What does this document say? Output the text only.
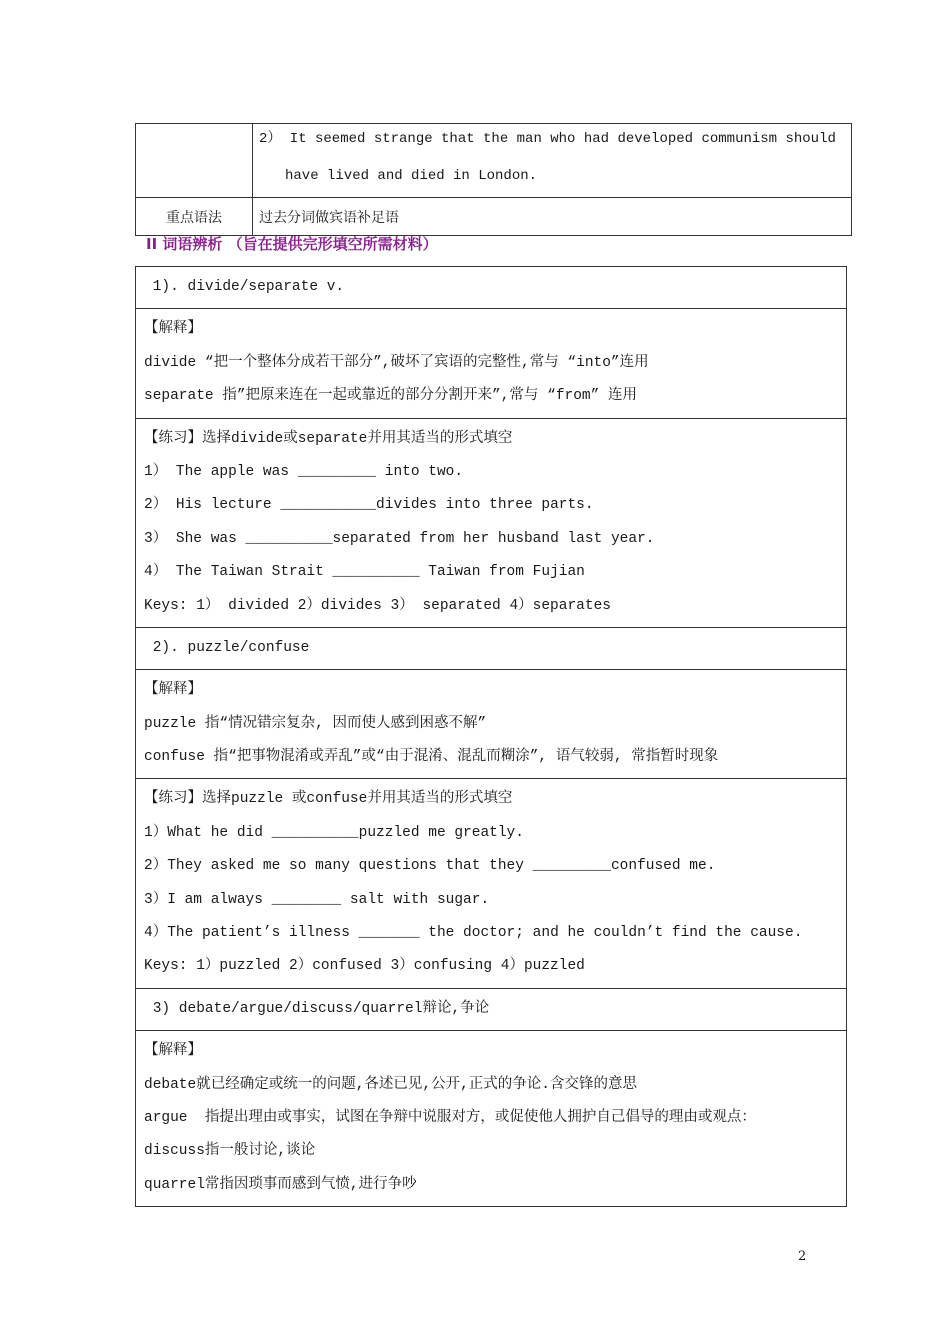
	2） It seemed strange that the man who had developed communism should
have lived and died in London.

重点语法	过去分词做宾语补足语
II 词语辨析 （旨在提供完形填空所需材料）
1). divide/separate v.
【解释】
divide “把一个整体分成若干部分”,破坏了宾语的完整性,常与 “into”连用
separate 指”把原来连在一起或靠近的部分分割开来”,常与 “from” 连用
【练习】选择divide或separate并用其适当的形式填空
1） The apple was _________ into two.
2） His lecture ___________divides into three parts.
3） She was __________separated from her husband last year.
4） The Taiwan Strait __________ Taiwan from Fujian
Keys: 1） divided 2）divides 3） separated 4）separates
2). puzzle/confuse
【解释】
puzzle 指“情况错宗复杂, 因而使人感到困惑不解”
confuse 指“把事物混淆或弄乱”或“由于混淆、混乱而糊涂”, 语气较弱, 常指暂时现象
【练习】选择puzzle 或confuse并用其适当的形式填空
1）What he did __________puzzled me greatly.
2）They asked me so many questions that they _________confused me.
3）I am always ________ salt with sugar.
4）The patient’s illness _______ the doctor; and he couldn’t find the cause.
Keys: 1）puzzled 2）confused 3）confusing 4）puzzled
3) debate/argue/discuss/quarrel辩论,争论
【解释】
debate就已经确定或统一的问题,各述已见,公开,正式的争论.含交锋的意思
argue  指提出理由或事实，试图在争辩中说服对方，或促使他人拥护自己倡导的理由或观点：
discuss指一般讨论,谈论
quarrel常指因琐事而感到气愤,进行争吵
2
